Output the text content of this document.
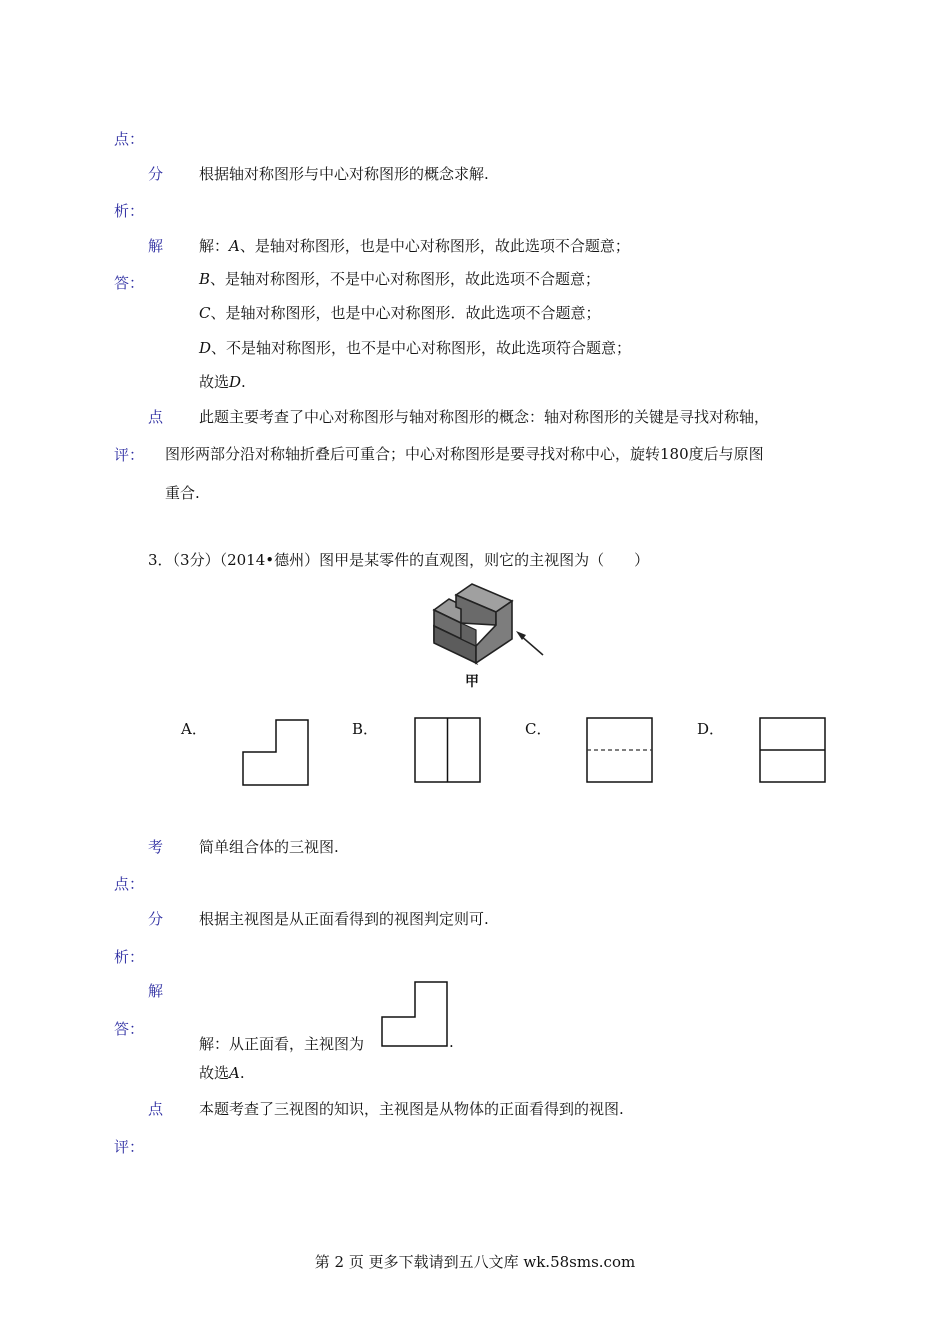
点：
分 根据轴对称图形与中心对称图形的概念求解.
析：
解
答：
解：A、是轴对称图形，也是中心对称图形，故此选项不合题意；
B、是轴对称图形，不是中心对称图形，故此选项不合题意；
C、是轴对称图形，也是中心对称图形．故此选项不合题意；
D、不是轴对称图形，也不是中心对称图形，故此选项符合题意；
故选D.
点 此题主要考查了中心对称图形与轴对称图形的概念：轴对称图形的关键是寻找对称轴，
评： 图形两部分沿对称轴折叠后可重合；中心对称图形是要寻找对称中心，旋转180度后与原图
重合.
3．（3分）（2014•德州）图甲是某零件的直观图，则它的主视图为（　　）
甲
A．	B．	C．	D．
考 简单组合体的三视图.
点：
分 根据主视图是从正面看得到的视图判定则可.
析：
解
答：
解：从正面看，主视图为	.
故选A.
点 本题考查了三视图的知识，主视图是从物体的正面看得到的视图.
评：
第 2 页 更多下载请到五八文库 wk.58sms.com
